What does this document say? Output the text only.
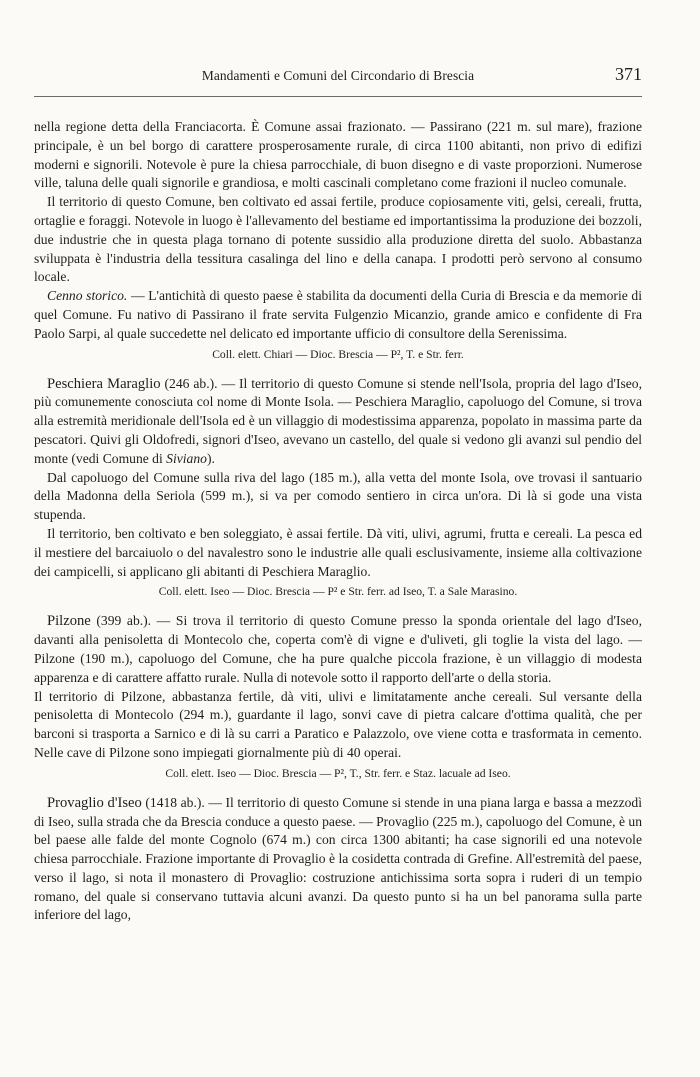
Mandamenti e Comuni del Circondario di Brescia	371

nella regione detta della Franciacorta. È Comune assai frazionato. — Passirano (221 m. sul mare), frazione principale, è un bel borgo di carattere prosperosamente rurale, di circa 1100 abitanti, non privo di edifizi moderni e signorili. Notevole è pure la chiesa parrocchiale, di buon disegno e di vaste proporzioni. Numerose ville, taluna delle quali signorile e grandiosa, e molti cascinali completano come frazioni il nucleo comunale.

Il territorio di questo Comune, ben coltivato ed assai fertile, produce copiosamente viti, gelsi, cereali, frutta, ortaglie e foraggi. Notevole in luogo è l'allevamento del bestiame ed importantissima la produzione dei bozzoli, due industrie che in questa plaga tornano di potente sussidio alla produzione diretta del suolo. Abbastanza sviluppata è l'industria della tessitura casalinga del lino e della canapa. I prodotti però servono al consumo locale.

Cenno storico. — L'antichità di questo paese è stabilita da documenti della Curia di Brescia e da memorie di quel Comune. Fu nativo di Passirano il frate servita Fulgenzio Micanzio, grande amico e confidente di Fra Paolo Sarpi, al quale succedette nel delicato ed importante ufficio di consultore della Serenissima.

Coll. elett. Chiari — Dioc. Brescia — P², T. e Str. ferr.

Peschiera Maraglio (246 ab.). — Il territorio di questo Comune si stende nell'Isola, propria del lago d'Iseo, più comunemente conosciuta col nome di Monte Isola. — Peschiera Maraglio, capoluogo del Comune, si trova alla estremità meridionale dell'Isola ed è un villaggio di modestissima apparenza, popolato in massima parte da pescatori. Quivi gli Oldofredi, signori d'Iseo, avevano un castello, del quale si vedono gli avanzi sul pendio del monte (vedi Comune di Siviano).

Dal capoluogo del Comune sulla riva del lago (185 m.), alla vetta del monte Isola, ove trovasi il santuario della Madonna della Seriola (599 m.), si va per comodo sentiero in circa un'ora. Di là si gode una vista stupenda.

Il territorio, ben coltivato e ben soleggiato, è assai fertile. Dà viti, ulivi, agrumi, frutta e cereali. La pesca ed il mestiere del barcaiuolo o del navalestro sono le industrie alle quali esclusivamente, insieme alla coltivazione dei campicelli, si applicano gli abitanti di Peschiera Maraglio.

Coll. elett. Iseo — Dioc. Brescia — P² e Str. ferr. ad Iseo, T. a Sale Marasino.

Pilzone (399 ab.). — Si trova il territorio di questo Comune presso la sponda orientale del lago d'Iseo, davanti alla penisoletta di Montecolo che, coperta com'è di vigne e d'uliveti, gli toglie la vista del lago. — Pilzone (190 m.), capoluogo del Comune, che ha pure qualche piccola frazione, è un villaggio di modesta apparenza e di carattere affatto rurale. Nulla di notevole sotto il rapporto dell'arte o della storia.

Il territorio di Pilzone, abbastanza fertile, dà viti, ulivi e limitatamente anche cereali. Sul versante della penisoletta di Montecolo (294 m.), guardante il lago, sonvi cave di pietra calcare d'ottima qualità, che per barconi si trasporta a Sarnico e di là su carri a Paratico e Palazzolo, ove viene cotta e trasformata in cemento. Nelle cave di Pilzone sono impiegati giornalmente più di 40 operai.

Coll. elett. Iseo — Dioc. Brescia — P², T., Str. ferr. e Staz. lacuale ad Iseo.

Provaglio d'Iseo (1418 ab.). — Il territorio di questo Comune si stende in una piana larga e bassa a mezzodì di Iseo, sulla strada che da Brescia conduce a questo paese. — Provaglio (225 m.), capoluogo del Comune, è un bel paese alle falde del monte Cognolo (674 m.) con circa 1300 abitanti; ha case signorili ed una notevole chiesa parrocchiale. Frazione importante di Provaglio è la cosidetta contrada di Grefine. All'estremità del paese, verso il lago, si nota il monastero di Provaglio: costruzione antichissima sorta sopra i ruderi di un tempio romano, del quale si conservano tuttavia alcuni avanzi. Da questo punto si ha un bel panorama sulla parte inferiore del lago,
